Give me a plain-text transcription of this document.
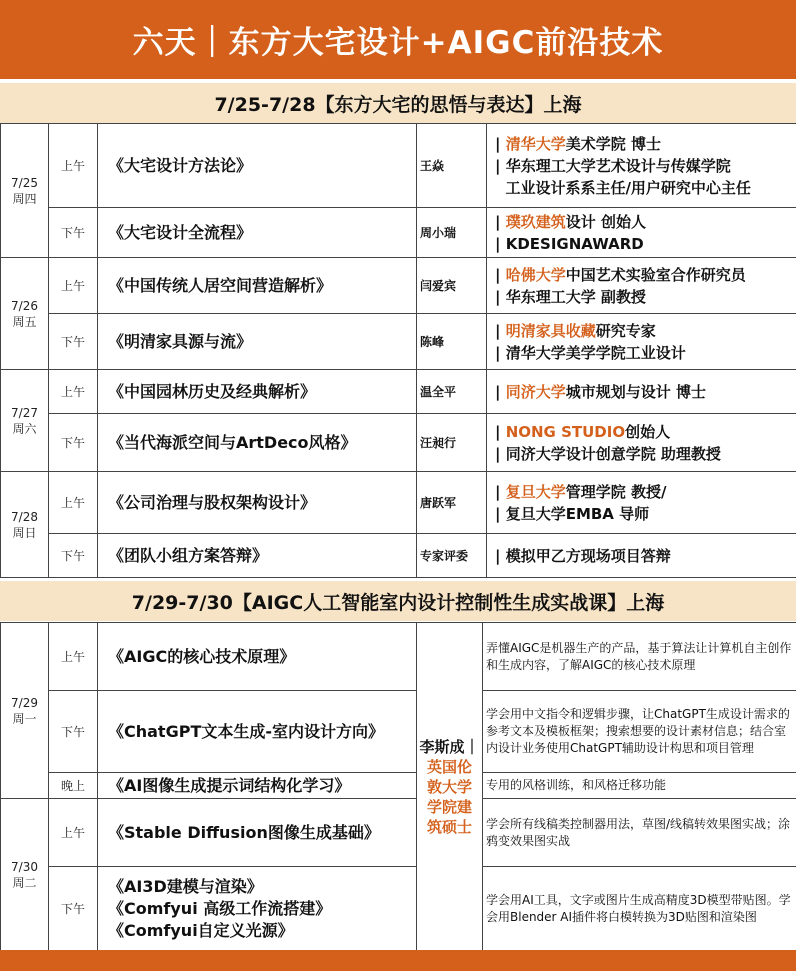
六天｜东方大宅设计+AIGC前沿技术
7/25-7/28【东方大宅的思悟与表达】上海
7/25
周四	上午	《大宅设计方法论》	王焱	| 清华大学美术学院 博士
| 华东理工大学艺术设计与传媒学院
工业设计系系主任/用户研究中心主任

	下午	《大宅设计全流程》	周小瑞	| 璞玖建筑设计 创始人
| KDESIGNAWARD

7/26
周五	上午	《中国传统人居空间营造解析》	闫爱宾	| 哈佛大学中国艺术实验室合作研究员
| 华东理工大学 副教授

	下午	《明清家具源与流》	陈峰	| 明清家具收藏研究专家
| 清华大学美学学院工业设计

7/27
周六	上午	《中国园林历史及经典解析》	温全平	| 同济大学城市规划与设计 博士

	下午	《当代海派空间与ArtDeco风格》	汪昶行	| NONG STUDIO创始人
| 同济大学设计创意学院 助理教授

7/28
周日	上午	《公司治理与股权架构设计》	唐跃军	| 复旦大学管理学院 教授/
| 复旦大学EMBA 导师

	下午	《团队小组方案答辩》	专家评委	| 模拟甲乙方现场项目答辩
7/29-7/30【AIGC人工智能室内设计控制性生成实战课】上海
7/29
周一	上午	《AIGC的核心技术原理》	李斯成｜
英国伦
敦大学
学院建
筑硕士	弄懂AIGC是机器生产的产品，基于算法让计算机自主创作和生成内容，了解AIGC的核心技术原理
	下午	《ChatGPT文本生成-室内设计方向》		学会用中文指令和逻辑步骤，让ChatGPT生成设计需求的参考文本及模板框架；搜索想要的设计素材信息；结合室内设计业务使用ChatGPT辅助设计构思和项目管理
	晚上	《AI图像生成提示词结构化学习》		专用的风格训练，和风格迁移功能

7/30
周二	上午	《Stable Diffusion图像生成基础》		学会所有线稿类控制器用法，草图/线稿转效果图实战；涂鸦变效果图实战
	下午	《AI3D建模与渲染》
《Comfyui 高级工作流搭建》
《Comfyui自定义光源》		学会用AI工具，文字或图片生成高精度3D模型带贴图。学会用Blender AI插件将白模转换为3D贴图和渲染图
